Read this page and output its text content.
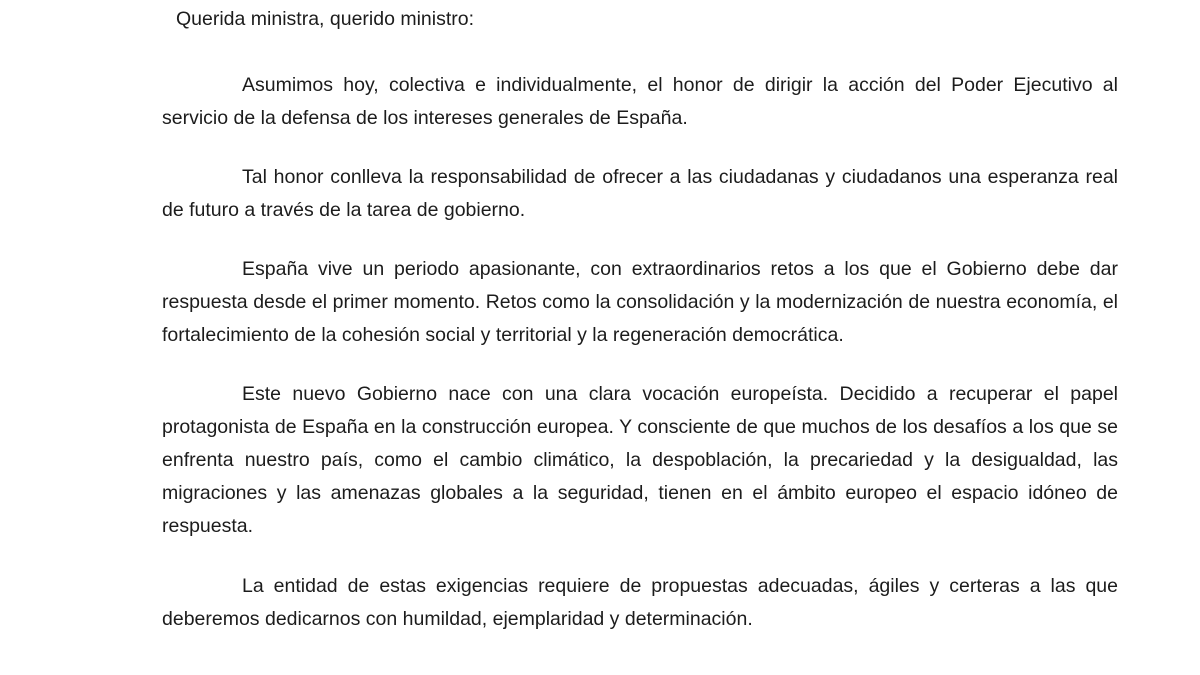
Querida ministra, querido ministro:

Asumimos hoy, colectiva e individualmente, el honor de dirigir la acción del Poder Ejecutivo al servicio de la defensa de los intereses generales de España.

Tal honor conlleva la responsabilidad de ofrecer a las ciudadanas y ciudadanos una esperanza real de futuro a través de la tarea de gobierno.

España vive un periodo apasionante, con extraordinarios retos a los que el Gobierno debe dar respuesta desde el primer momento. Retos como la consolidación y la modernización de nuestra economía, el fortalecimiento de la cohesión social y territorial y la regeneración democrática.

Este nuevo Gobierno nace con una clara vocación europeísta. Decidido a recuperar el papel protagonista de España en la construcción europea. Y consciente de que muchos de los desafíos a los que se enfrenta nuestro país, como el cambio climático, la despoblación, la precariedad y la desigualdad, las migraciones y las amenazas globales a la seguridad, tienen en el ámbito europeo el espacio idóneo de respuesta.

La entidad de estas exigencias requiere de propuestas adecuadas, ágiles y certeras a las que deberemos dedicarnos con humildad, ejemplaridad y determinación.
